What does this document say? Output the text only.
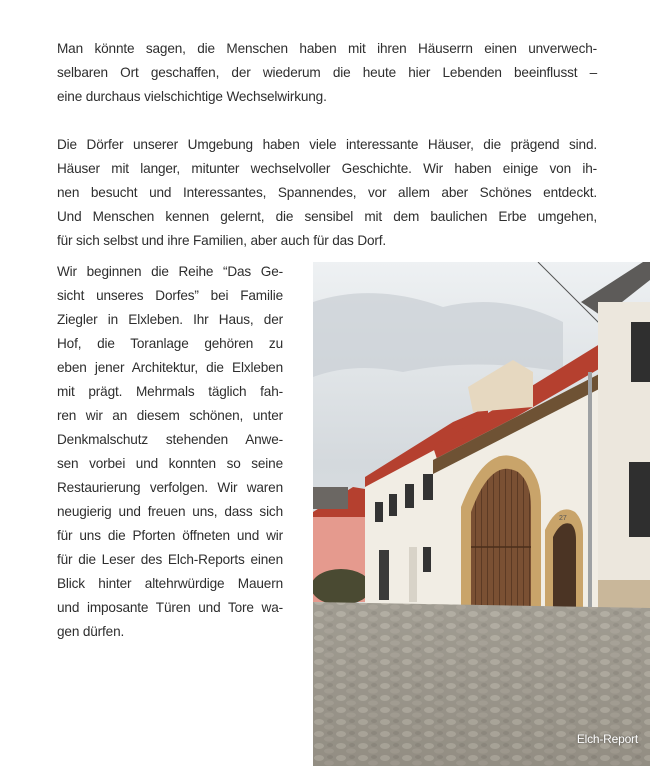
Man könnte sagen, die Menschen haben mit ihren Häuserrn einen unverwech-
selbaren Ort geschaffen, der wiederum die heute hier Lebenden beeinflusst –
eine durchaus vielschichtige Wechselwirkung.
Die Dörfer unserer Umgebung haben viele interessante Häuser, die prägend sind.
Häuser mit langer, mitunter wechselvoller Geschichte. Wir haben einige von ih-
nen besucht und Interessantes, Spannendes, vor allem aber Schönes entdeckt.
Und Menschen kennen gelernt, die sensibel mit dem baulichen Erbe umgehen,
für sich selbst und ihre Familien, aber auch für das Dorf.
Wir beginnen die Reihe “Das Ge-
sicht unseres Dorfes” bei Familie
Ziegler in Elxleben. Ihr Haus, der
Hof, die Toranlage gehören zu
eben jener Architektur, die Elxleben
mit prägt. Mehrmals täglich fah-
ren wir an diesem schönen, unter
Denkmalschutz stehenden Anwe-
sen vorbei und konnten so seine
Restaurierung verfolgen. Wir waren
neugierig und freuen uns, dass sich
für uns die Pforten öffneten und wir
für die Leser des Elch-Reports einen
Blick hinter altehrwürdige Mauern
und imposante Türen und Tore wa-
gen dürfen.
27
Elch-Report
